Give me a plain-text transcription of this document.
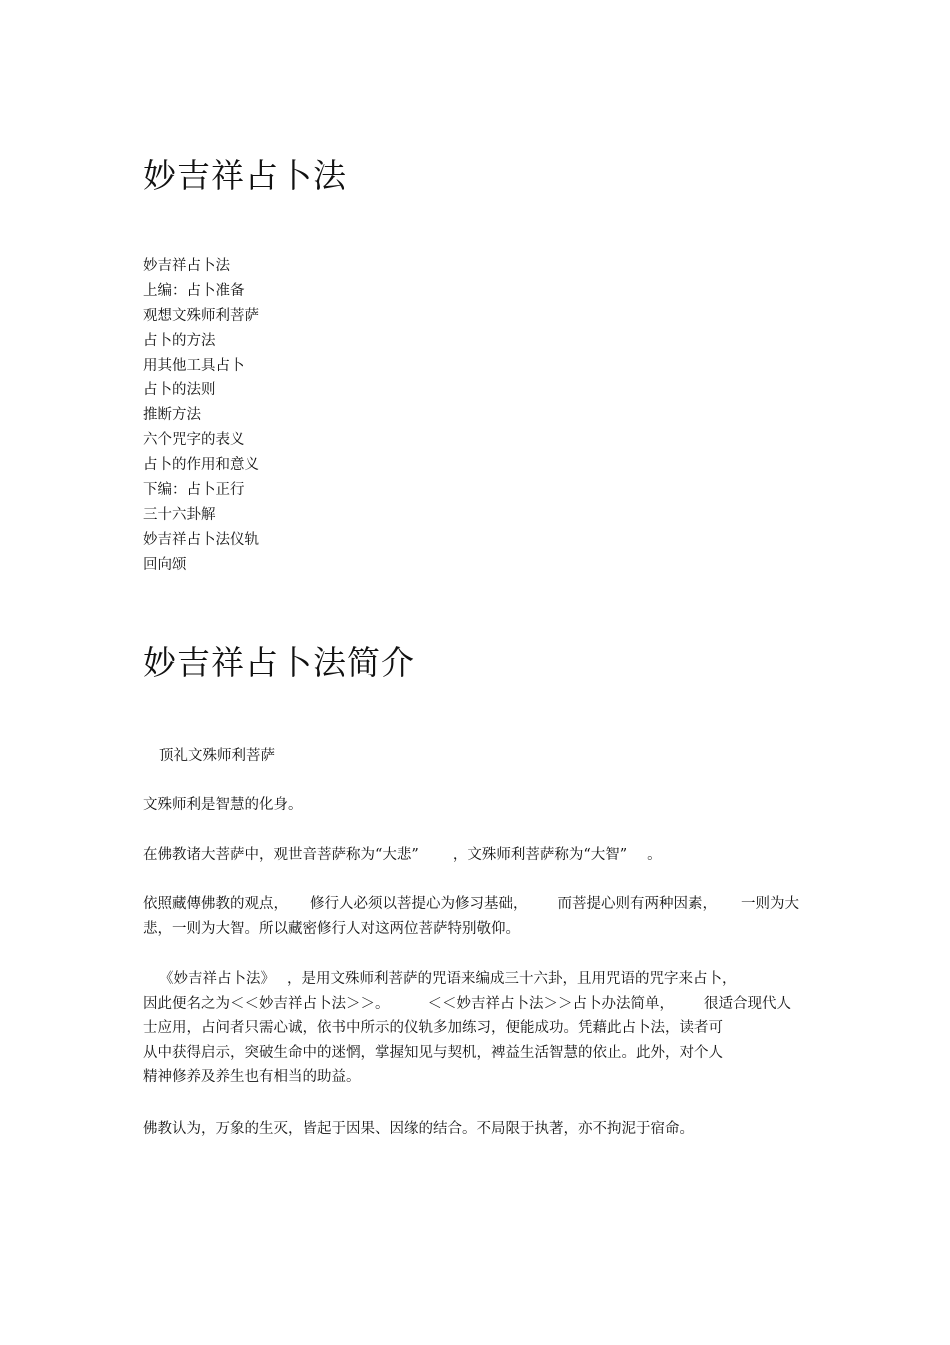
妙吉祥占卜法
妙吉祥占卜法
上编：占卜准备
观想文殊师利菩萨
占卜的方法
用其他工具占卜
占卜的法则
推断方法
六个咒字的表义
占卜的作用和意义
下编：占卜正行
三十六卦解
妙吉祥占卜法仪轨
回向颂
妙吉祥占卜法简介
顶礼文殊师利菩萨
文殊师利是智慧的化身。
在佛教诸大菩萨中，观世音菩萨称为“大悲” ，文殊师利菩萨称为“大智” 。
依照藏傳佛教的观点， 修行人必须以菩提心为修习基础， 而菩提心则有两种因素， 一则为大
悲，一则为大智。所以藏密修行人对这两位菩萨特别敬仰。
《妙吉祥占卜法》 ，是用文殊师利菩萨的咒语来编成三十六卦，且用咒语的咒字来占卜，
因此便名之为＜＜妙吉祥占卜法＞＞。	＜＜妙吉祥占卜法＞＞占卜办法简单， 很适合现代人
士应用，占问者只需心诚，依书中所示的仪轨多加练习，便能成功。凭藉此占卜法，读者可
从中获得启示，突破生命中的迷惘，掌握知见与契机，裨益生活智慧的依止。此外，对个人
精神修养及养生也有相当的助益。
佛教认为，万象的生灭，皆起于因果、因缘的结合。不局限于执著，亦不拘泥于宿命。
